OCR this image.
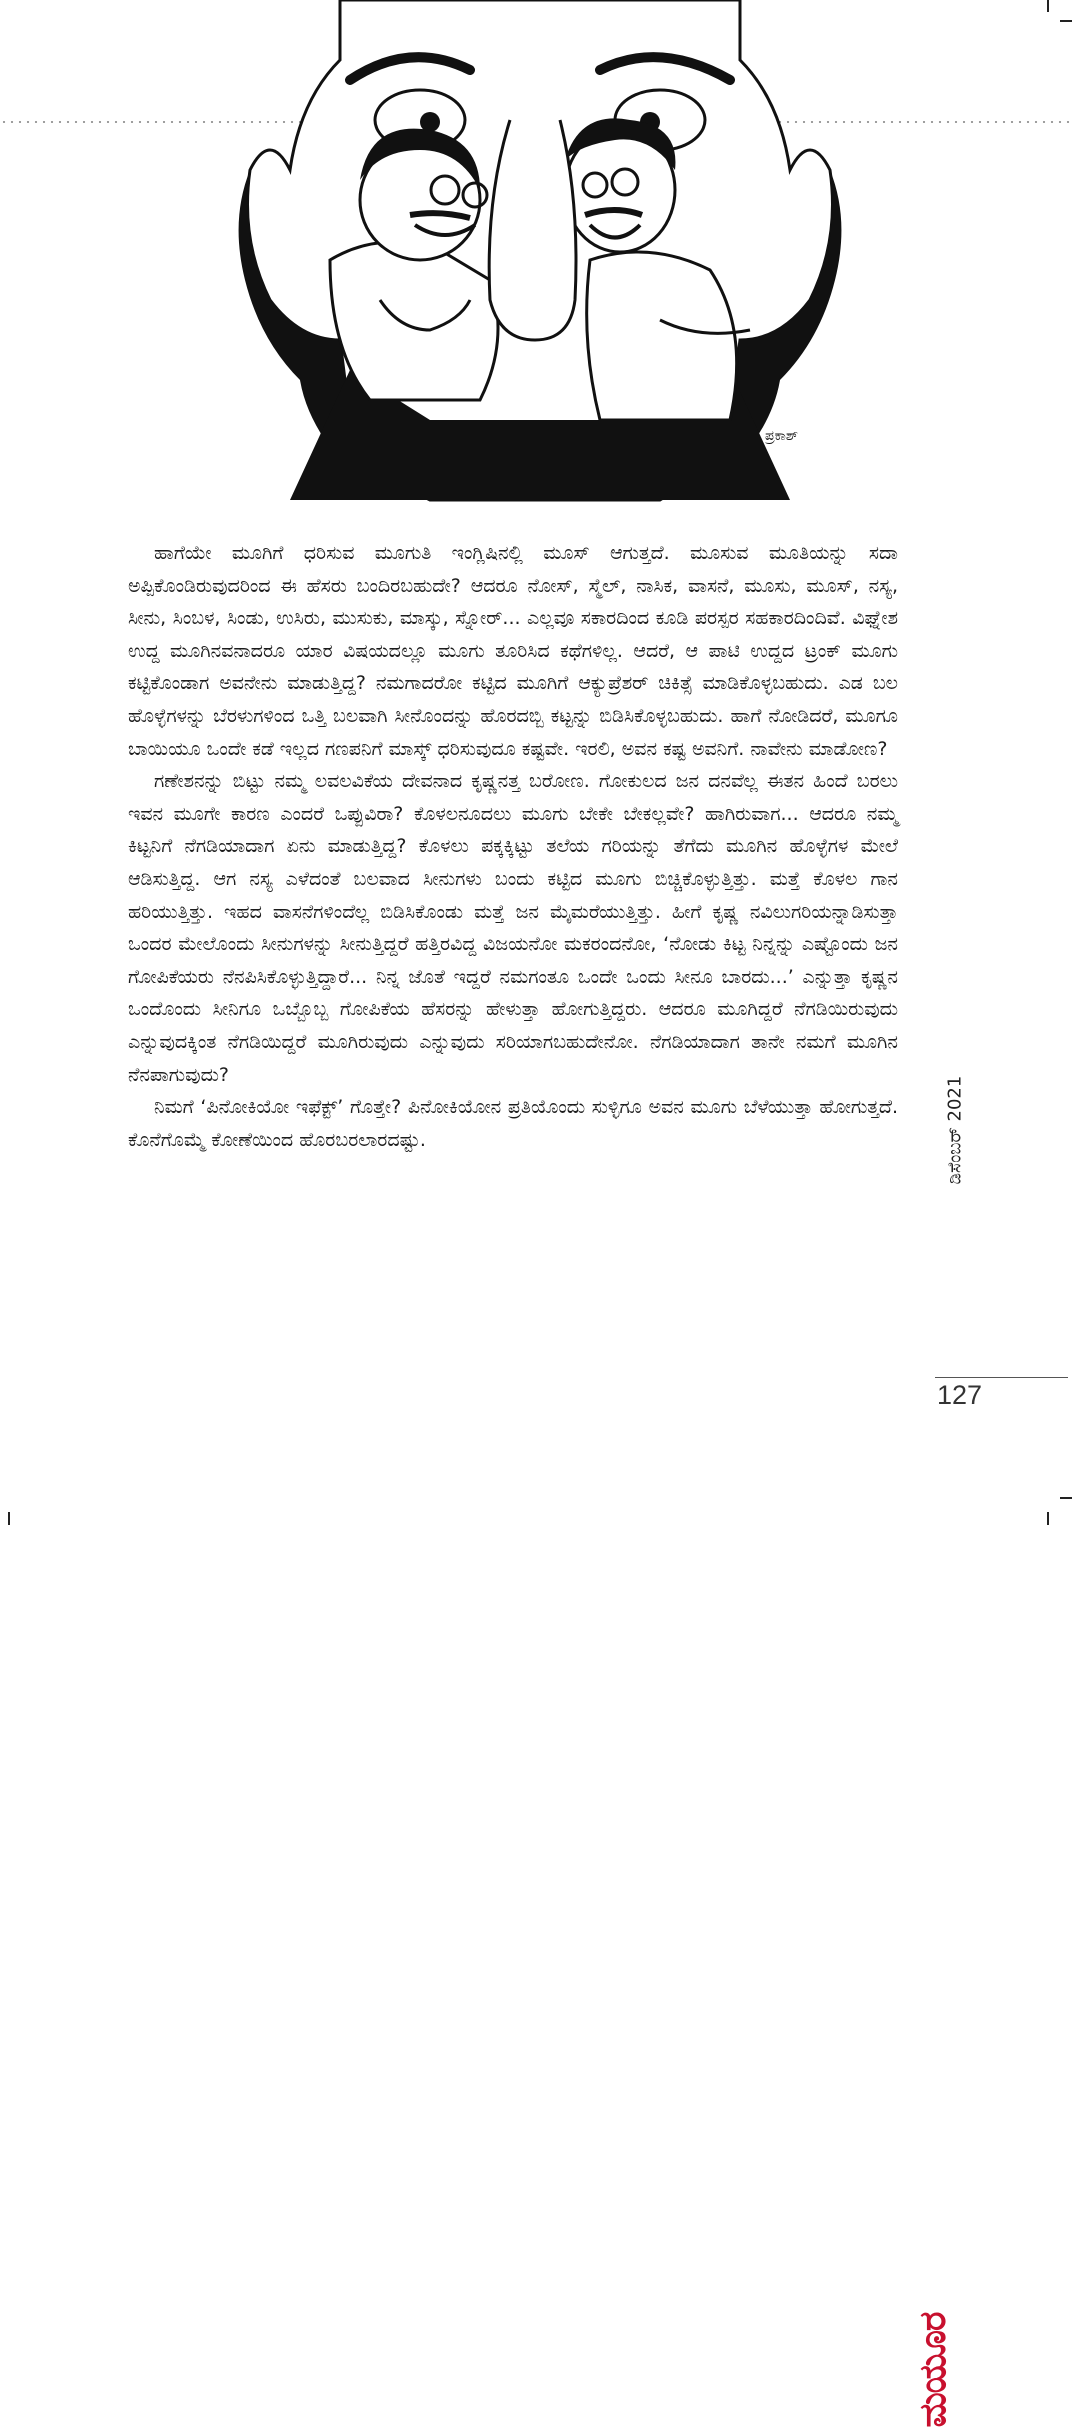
ಪ್ರಕಾಶ್

ಹಾಗೆಯೇ ಮೂಗಿಗೆ ಧರಿಸುವ ಮೂಗುತಿ ಇಂಗ್ಲಿಷಿನಲ್ಲಿ ಮೂಸ್‌ ಆಗುತ್ತದೆ. ಮೂಸುವ ಮೂತಿಯನ್ನು ಸದಾ ಅಪ್ಪಿಕೊಂಡಿರುವುದರಿಂದ ಈ ಹೆಸರು ಬಂದಿರಬಹುದೇ? ಆದರೂ ನೋಸ್‌, ಸ್ಮೆಲ್‌, ನಾಸಿಕ, ವಾಸನೆ, ಮೂಸು, ಮೂಸ್‌, ನಸ್ಯ, ಸೀನು, ಸಿಂಬಳ, ಸಿಂಡು, ಉಸಿರು, ಮುಸುಕು, ಮಾಸ್ಕು, ಸ್ನೋರ್‌... ಎಲ್ಲವೂ ಸಕಾರದಿಂದ ಕೂಡಿ ಪರಸ್ಪರ ಸಹಕಾರದಿಂದಿವೆ. ವಿಘ್ನೇಶ ಉದ್ದ ಮೂಗಿನವನಾದರೂ ಯಾರ ವಿಷಯದಲ್ಲೂ ಮೂಗು ತೂರಿಸಿದ ಕಥೆಗಳಿಲ್ಲ. ಆದರೆ, ಆ ಪಾಟಿ ಉದ್ದದ ಟ್ರಂಕ್‌ ಮೂಗು ಕಟ್ಟಿಕೊಂಡಾಗ ಅವನೇನು ಮಾಡುತ್ತಿದ್ದ? ನಮಗಾದರೋ ಕಟ್ಟಿದ ಮೂಗಿಗೆ ಆಕ್ಯುಪ್ರೆಶರ್‌ ಚಿಕಿತ್ಸೆ ಮಾಡಿಕೊಳ್ಳಬಹುದು. ಎಡ ಬಲ ಹೊಳ್ಳೆಗಳನ್ನು ಬೆರಳುಗಳಿಂದ ಒತ್ತಿ ಬಲವಾಗಿ ಸೀನೊಂದನ್ನು ಹೊರದಬ್ಬಿ ಕಟ್ಟನ್ನು ಬಿಡಿಸಿಕೊಳ್ಳಬಹುದು. ಹಾಗೆ ನೋಡಿದರೆ, ಮೂಗೂ ಬಾಯಿಯೂ ಒಂದೇ ಕಡೆ ಇಲ್ಲದ ಗಣಪನಿಗೆ ಮಾಸ್ಕ್‌ ಧರಿಸುವುದೂ ಕಷ್ಟವೇ. ಇರಲಿ, ಅವನ ಕಷ್ಟ ಅವನಿಗೆ. ನಾವೇನು ಮಾಡೋಣ?

ಗಣೇಶನನ್ನು ಬಿಟ್ಟು ನಮ್ಮ ಲವಲವಿಕೆಯ ದೇವನಾದ ಕೃಷ್ಣನತ್ತ ಬರೋಣ. ಗೋಕುಲದ ಜನ ದನವೆಲ್ಲ ಈತನ ಹಿಂದೆ ಬರಲು ಇವನ ಮೂಗೇ ಕಾರಣ ಎಂದರೆ ಒಪ್ಪುವಿರಾ? ಕೊಳಲನೂದಲು ಮೂಗು ಬೇಕೇ ಬೇಕಲ್ಲವೇ? ಹಾಗಿರುವಾಗ... ಆದರೂ ನಮ್ಮ ಕಿಟ್ಟನಿಗೆ ನೆಗಡಿಯಾದಾಗ ಏನು ಮಾಡುತ್ತಿದ್ದ? ಕೊಳಲು ಪಕ್ಕಕ್ಕಿಟ್ಟು ತಲೆಯ ಗರಿಯನ್ನು ತೆಗೆದು ಮೂಗಿನ ಹೊಳ್ಳೆಗಳ ಮೇಲೆ ಆಡಿಸುತ್ತಿದ್ದ. ಆಗ ನಸ್ಯ ಎಳೆದಂತೆ ಬಲವಾದ ಸೀನುಗಳು ಬಂದು ಕಟ್ಟಿದ ಮೂಗು ಬಿಚ್ಚಿಕೊಳ್ಳುತ್ತಿತ್ತು. ಮತ್ತೆ ಕೊಳಲ ಗಾನ ಹರಿಯುತ್ತಿತ್ತು. ಇಹದ ವಾಸನೆಗಳಿಂದೆಲ್ಲ ಬಿಡಿಸಿಕೊಂಡು ಮತ್ತೆ ಜನ ಮೈಮರೆಯುತ್ತಿತ್ತು. ಹೀಗೆ ಕೃಷ್ಣ ನವಿಲುಗರಿಯನ್ನಾಡಿಸುತ್ತಾ ಒಂದರ ಮೇಲೊಂದು ಸೀನುಗಳನ್ನು ಸೀನುತ್ತಿದ್ದರೆ ಹತ್ತಿರವಿದ್ದ ವಿಜಯನೋ ಮಕರಂದನೋ, ‘ನೋಡು ಕಿಟ್ಟ ನಿನ್ನನ್ನು ಎಷ್ಟೊಂದು ಜನ ಗೋಪಿಕೆಯರು ನೆನಪಿಸಿಕೊಳ್ಳುತ್ತಿದ್ದಾರೆ... ನಿನ್ನ ಜೊತೆ ಇದ್ದರೆ ನಮಗಂತೂ ಒಂದೇ ಒಂದು ಸೀನೂ ಬಾರದು...’ ಎನ್ನುತ್ತಾ ಕೃಷ್ಣನ ಒಂದೊಂದು ಸೀನಿಗೂ ಒಬ್ಬೊಬ್ಬ ಗೋಪಿಕೆಯ ಹೆಸರನ್ನು ಹೇಳುತ್ತಾ ಹೋಗುತ್ತಿದ್ದರು. ಆದರೂ ಮೂಗಿದ್ದರೆ ನೆಗಡಿಯಿರುವುದು ಎನ್ನುವುದಕ್ಕಿಂತ ನೆಗಡಿಯಿದ್ದರೆ ಮೂಗಿರುವುದು ಎನ್ನುವುದು ಸರಿಯಾಗಬಹುದೇನೋ. ನೆಗಡಿಯಾದಾಗ ತಾನೇ ನಮಗೆ ಮೂಗಿನ ನೆನಪಾಗುವುದು?

ನಿಮಗೆ ‘ಪಿನೋಕಿಯೋ ಇಫೆಕ್ಟ್‌’ ಗೊತ್ತೇ? ಪಿನೋಕಿಯೋನ ಪ್ರತಿಯೊಂದು ಸುಳ್ಳಿಗೂ ಅವನ ಮೂಗು ಬೆಳೆಯುತ್ತಾ ಹೋಗುತ್ತದೆ. ಕೊನೆಗೊಮ್ಮೆ ಕೋಣೆಯಿಂದ ಹೊರಬರಲಾರದಷ್ಟು.

ಮಯೂರ
ಡಿಸೆಂಬರ್ 2021
127
